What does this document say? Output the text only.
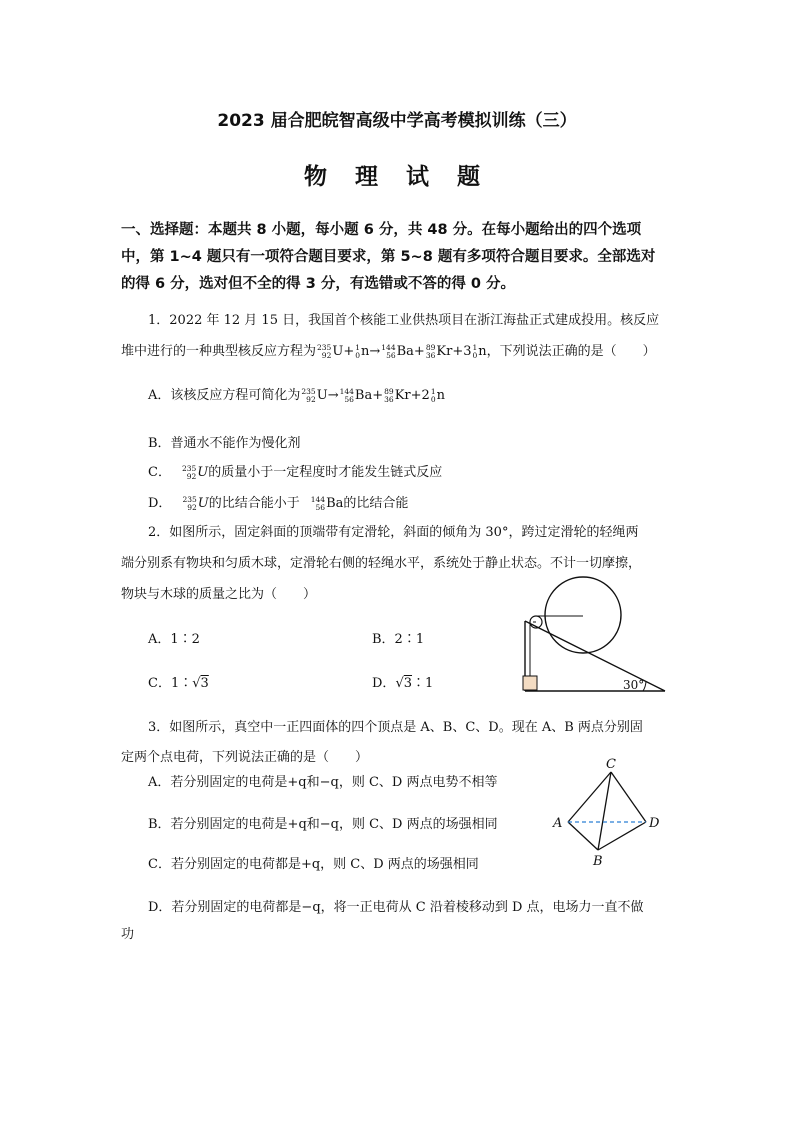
2023 届合肥皖智高级中学高考模拟训练（三）
物 理 试 题
一、选择题：本题共 8 小题，每小题 6 分，共 48 分。在每小题给出的四个选项
中，第 1~4 题只有一项符合题目要求，第 5~8 题有多项符合题目要求。全部选对
的得 6 分，选对但不全的得 3 分，有选错或不答的得 0 分。
1．2022 年 12 月 15 日，我国首个核能工业供热项目在浙江海盐正式建成投用。核反应
堆中进行的一种典型核反应方程为 235
92 U+ 1
0 n→ 144
56 Ba+ 89
36 Kr+3 1
0 n，下列说法正确的是（　　）
A．该核反应方程可简化为 235
92 U→ 144
56 Ba+ 89
36 Kr+2 1
0 n
B．普通水不能作为慢化剂
C． 235
92 U的质量小于一定程度时才能发生链式反应
D． 235
92 U的比结合能小于 144
56 Ba的比结合能
2．如图所示，固定斜面的顶端带有定滑轮，斜面的倾角为 30°，跨过定滑轮的轻绳两
端分别系有物块和匀质木球，定滑轮右侧的轻绳水平，系统处于静止状态。不计一切摩擦，
物块与木球的质量之比为（　　）
A．1∶2	B．2∶1
C．1∶√3	D．√3∶1	30°
3．如图所示，真空中一正四面体的四个顶点是 A、B、C、D。现在 A、B 两点分别固
定两个点电荷，下列说法正确的是（　　）
A．若分别固定的电荷是+q和−q，则 C、D 两点电势不相等
B．若分别固定的电荷是+q和−q，则 C、D 两点的场强相同
C．若分别固定的电荷都是+q，则 C、D 两点的场强相同
D．若分别固定的电荷都是−q，将一正电荷从 C 沿着棱移动到 D 点，电场力一直不做
功
C
A	D
B
